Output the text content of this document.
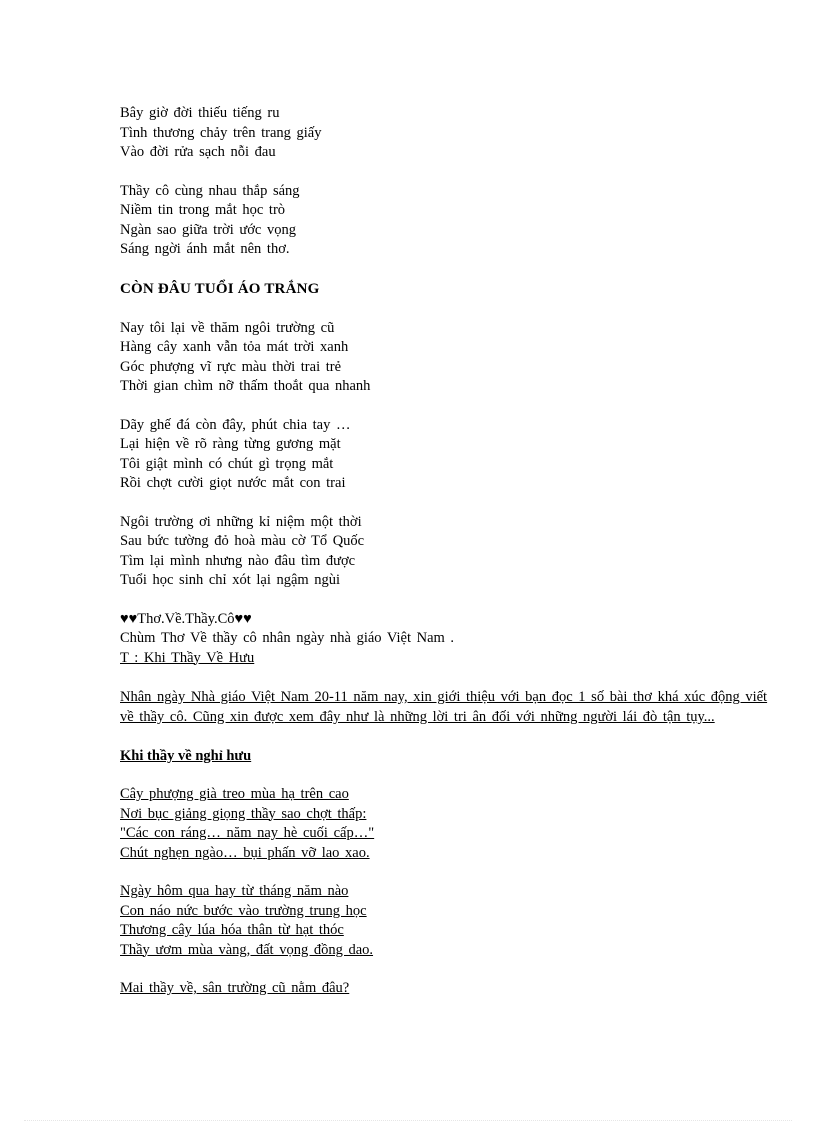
Bây giờ đời thiếu tiếng ru
Tình thương chảy trên trang giấy
Vào đời rửa sạch nỗi đau
Thầy cô cùng nhau thắp sáng
Niềm tin trong mắt học trò
Ngàn sao giữa trời ước vọng
Sáng ngời ánh mắt nên thơ.
CÒN ĐÂU TUỔI ÁO TRẮNG
Nay tôi lại về thăm ngôi trường cũ
Hàng cây xanh vẫn tỏa mát trời xanh
Góc phượng vĩ rực màu thời trai trẻ
Thời gian chìm nỡ thấm thoắt qua nhanh
Dãy ghế đá còn đây, phút chia tay …
Lại hiện về rõ ràng từng gương mặt
Tôi giật mình có chút gì trọng mắt
Rồi chợt cười giọt nước mắt con trai
Ngôi trường ơi những kỉ niệm một thời
Sau bức tường đỏ hoà màu cờ Tổ Quốc
Tìm lại mình nhưng nào đâu tìm được
Tuổi học sinh chỉ xót lại ngậm ngùi
♥♥Thơ.Về.Thầy.Cô♥♥
Chùm Thơ Về thầy cô nhân ngày nhà giáo Việt Nam .
T : Khi Thầy Về Hưu
Nhân ngày Nhà giáo Việt Nam 20-11 năm nay, xin giới thiệu với bạn đọc 1 số bài thơ khá xúc động viết về thầy cô. Cũng xin được xem đây như là những lời tri ân đối với những người lái đò tận tụy...
Khi thầy về nghỉ hưu
Cây phượng già treo mùa hạ trên cao
Nơi bục giảng giọng thầy sao chợt thấp:
"Các con ráng… năm nay hè cuối cấp…"
Chút nghẹn ngào… bụi phấn vỡ lao xao.
Ngày hôm qua hay từ tháng năm nào
Con náo nức bước vào trường trung học
Thương cây lúa hóa thân từ hạt thóc
Thầy ươm mùa vàng, đất vọng đồng dao.
Mai thầy về, sân trường cũ nằm đâu?
